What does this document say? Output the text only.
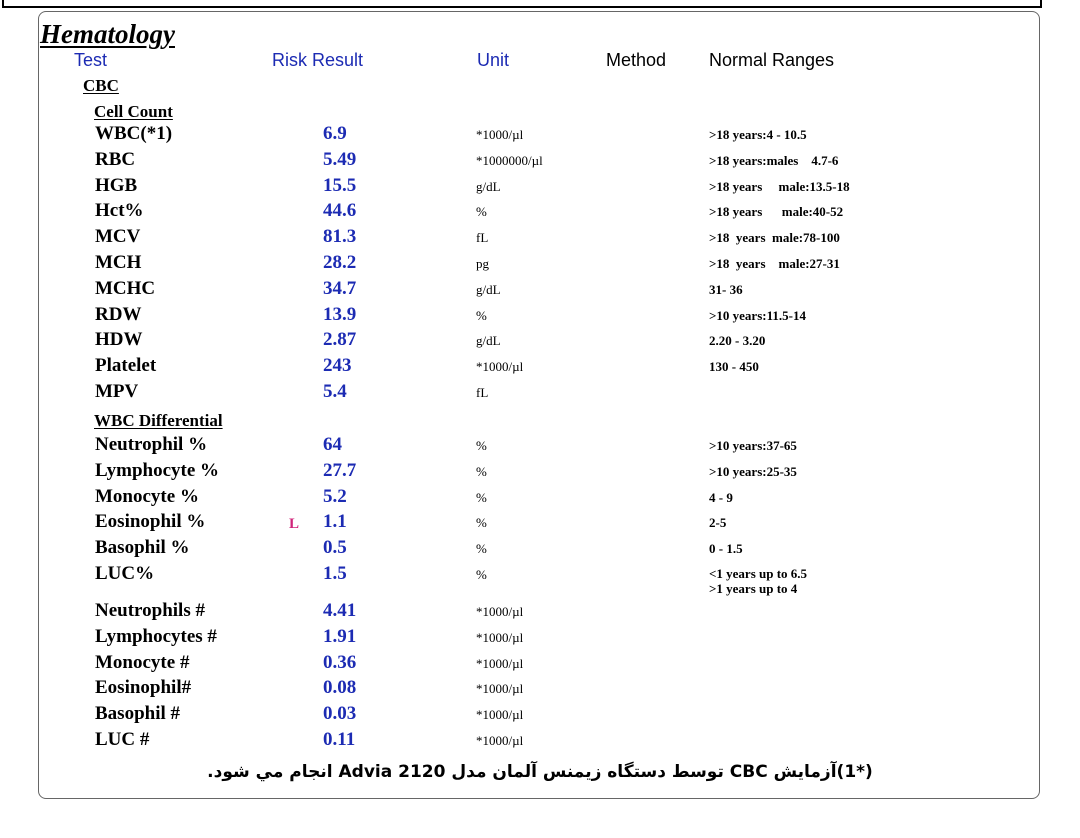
Hematology
Test	Risk Result	Unit	Method Normal Ranges
CBC
Cell Count
WBC(*1)	6.9	*1000/µl	>18 years:4 - 10.5
RBC	5.49	*1000000/µl	>18 years:males    4.7-6
HGB	15.5	g/dL	>18 years     male:13.5-18
Hct%	44.6	%	>18 years      male:40-52
MCV	81.3	fL	>18  years  male:78-100
MCH	28.2	pg	>18  years    male:27-31
MCHC	34.7	g/dL	31- 36
RDW	13.9	%	>10 years:11.5-14
HDW	2.87	g/dL	2.20 - 3.20
Platelet	243	*1000/µl	130 - 450
MPV	5.4	fL
WBC Differential
Neutrophil %	64	%	>10 years:37-65
Lymphocyte %	27.7	%	>10 years:25-35
Monocyte %	5.2	%	4 - 9
Eosinophil %	L 1.1	%	2-5
Basophil %	0.5	%	0 - 1.5
LUC%	1.5	%	<1 years up to 6.5
>1 years up to 4
Neutrophils #	4.41	*1000/µl
Lymphocytes #	1.91	*1000/µl
Monocyte #	0.36	*1000/µl
Eosinophil#	0.08	*1000/µl
Basophil #	0.03	*1000/µl
LUC #	0.11	*1000/µl
(*1)آزمایش CBC توسط دستگاه زیمنس آلمان مدل Advia 2120 انجام مي شود.
